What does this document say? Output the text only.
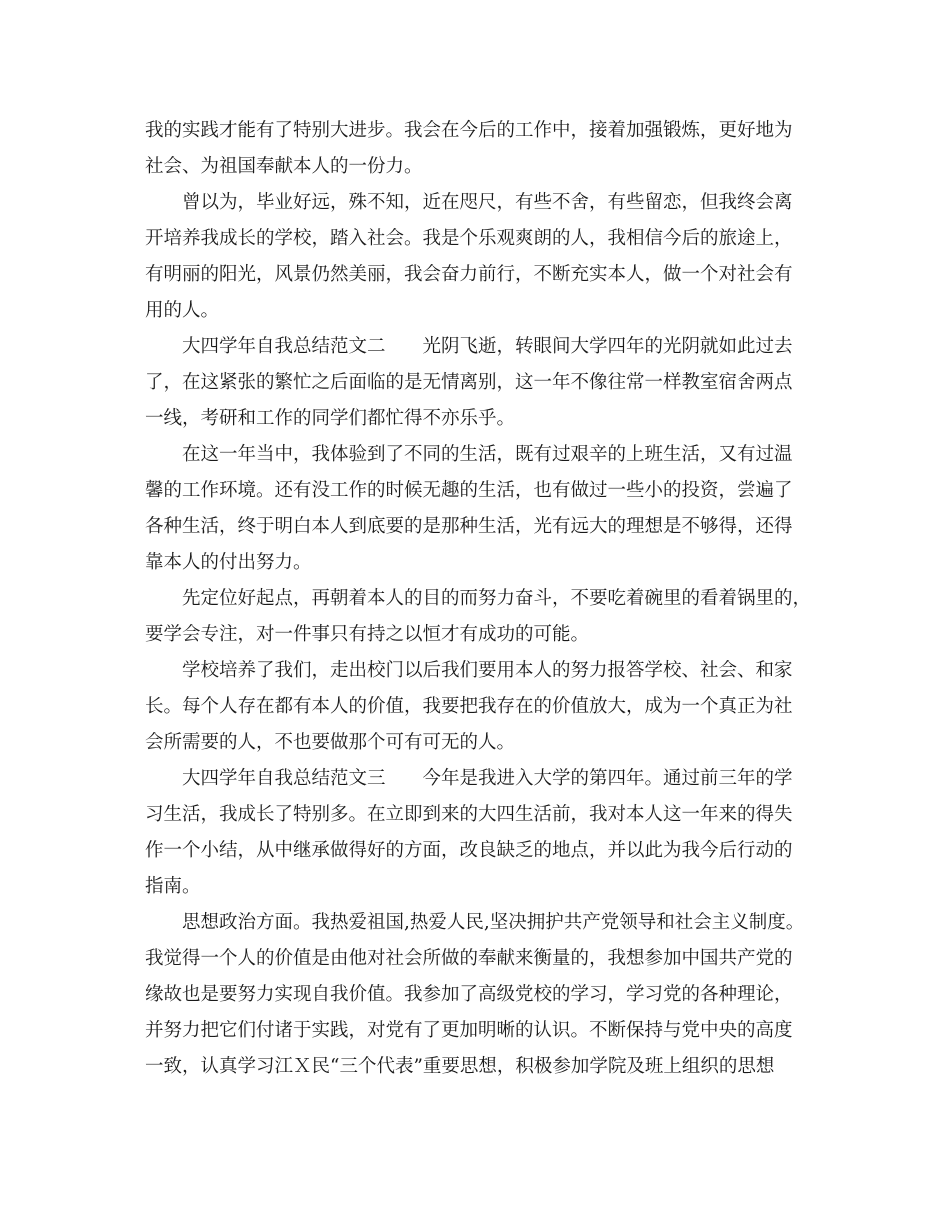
我的实践才能有了特别大进步。我会在今后的工作中，接着加强锻炼，更好地为
社会、为祖国奉献本人的一份力。
曾以为，毕业好远，殊不知，近在咫尺，有些不舍，有些留恋，但我终会离
开培养我成长的学校，踏入社会。我是个乐观爽朗的人，我相信今后的旅途上，
有明丽的阳光，风景仍然美丽，我会奋力前行，不断充实本人，做一个对社会有
用的人。
大四学年自我总结范文二　　光阴飞逝，转眼间大学四年的光阴就如此过去
了，在这紧张的繁忙之后面临的是无情离别，这一年不像往常一样教室宿舍两点
一线，考研和工作的同学们都忙得不亦乐乎。
在这一年当中，我体验到了不同的生活，既有过艰辛的上班生活，又有过温
馨的工作环境。还有没工作的时候无趣的生活，也有做过一些小的投资，尝遍了
各种生活，终于明白本人到底要的是那种生活，光有远大的理想是不够得，还得
靠本人的付出努力。
先定位好起点，再朝着本人的目的而努力奋斗，不要吃着碗里的看着锅里的，
要学会专注，对一件事只有持之以恒才有成功的可能。
学校培养了我们，走出校门以后我们要用本人的努力报答学校、社会、和家
长。每个人存在都有本人的价值，我要把我存在的价值放大，成为一个真正为社
会所需要的人，不也要做那个可有可无的人。
大四学年自我总结范文三　　今年是我进入大学的第四年。通过前三年的学
习生活，我成长了特别多。在立即到来的大四生活前，我对本人这一年来的得失
作一个小结，从中继承做得好的方面，改良缺乏的地点，并以此为我今后行动的
指南。
思想政治方面。我热爱祖国,热爱人民,坚决拥护共产党领导和社会主义制度。
我觉得一个人的价值是由他对社会所做的奉献来衡量的，我想参加中国共产党的
缘故也是要努力实现自我价值。我参加了高级党校的学习，学习党的各种理论，
并努力把它们付诸于实践，对党有了更加明晰的认识。不断保持与党中央的高度
一致，认真学习江Ｘ民“三个代表”重要思想，积极参加学院及班上组织的思想
